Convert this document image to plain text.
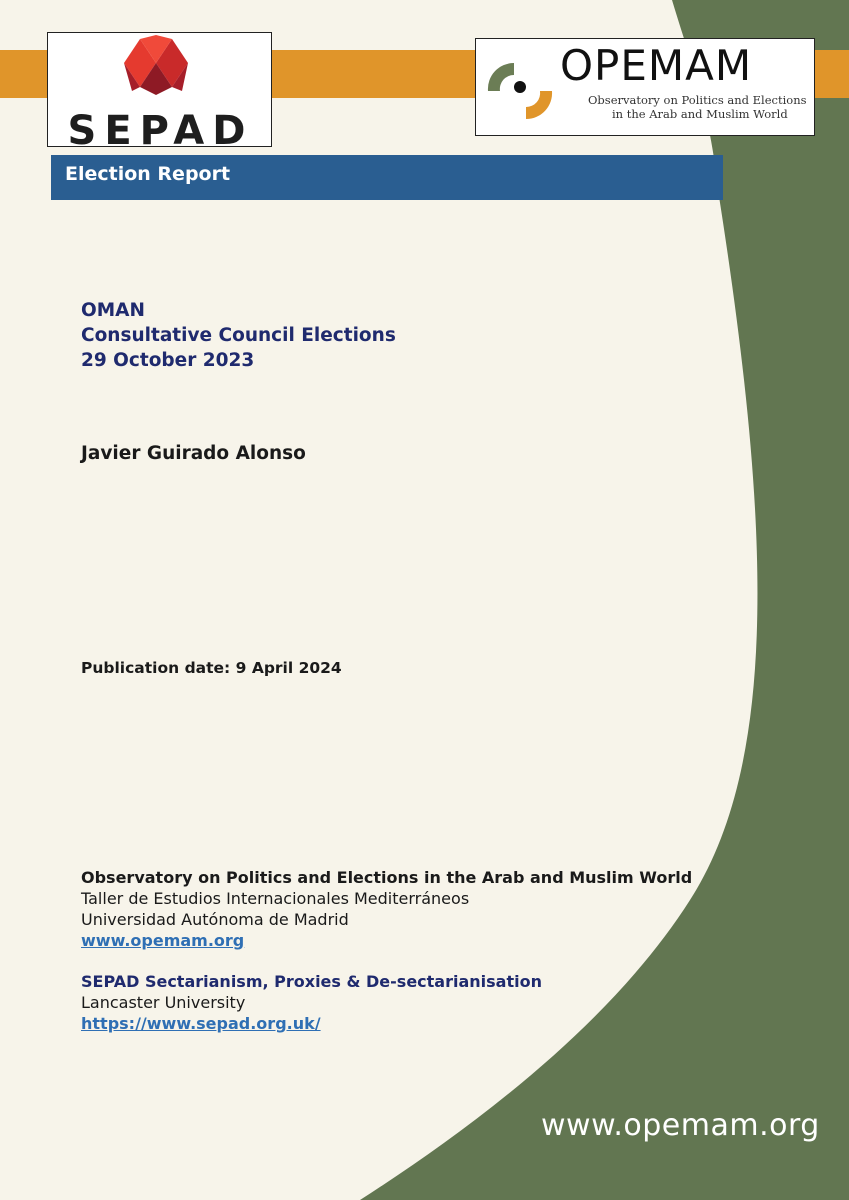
Election Report
SEPAD
OPEMAM
Observatory on Politics and Elections
in the Arab and Muslim World
OMAN
Consultative Council Elections
29 October 2023
Javier Guirado Alonso
Publication date: 9 April 2024
Observatory on Politics and Elections in the Arab and Muslim World
Taller de Estudios Internacionales Mediterráneos
Universidad Autónoma de Madrid
www.opemam.org
SEPAD Sectarianism, Proxies & De-sectarianisation
Lancaster University
https://www.sepad.org.uk/
www.opemam.org
